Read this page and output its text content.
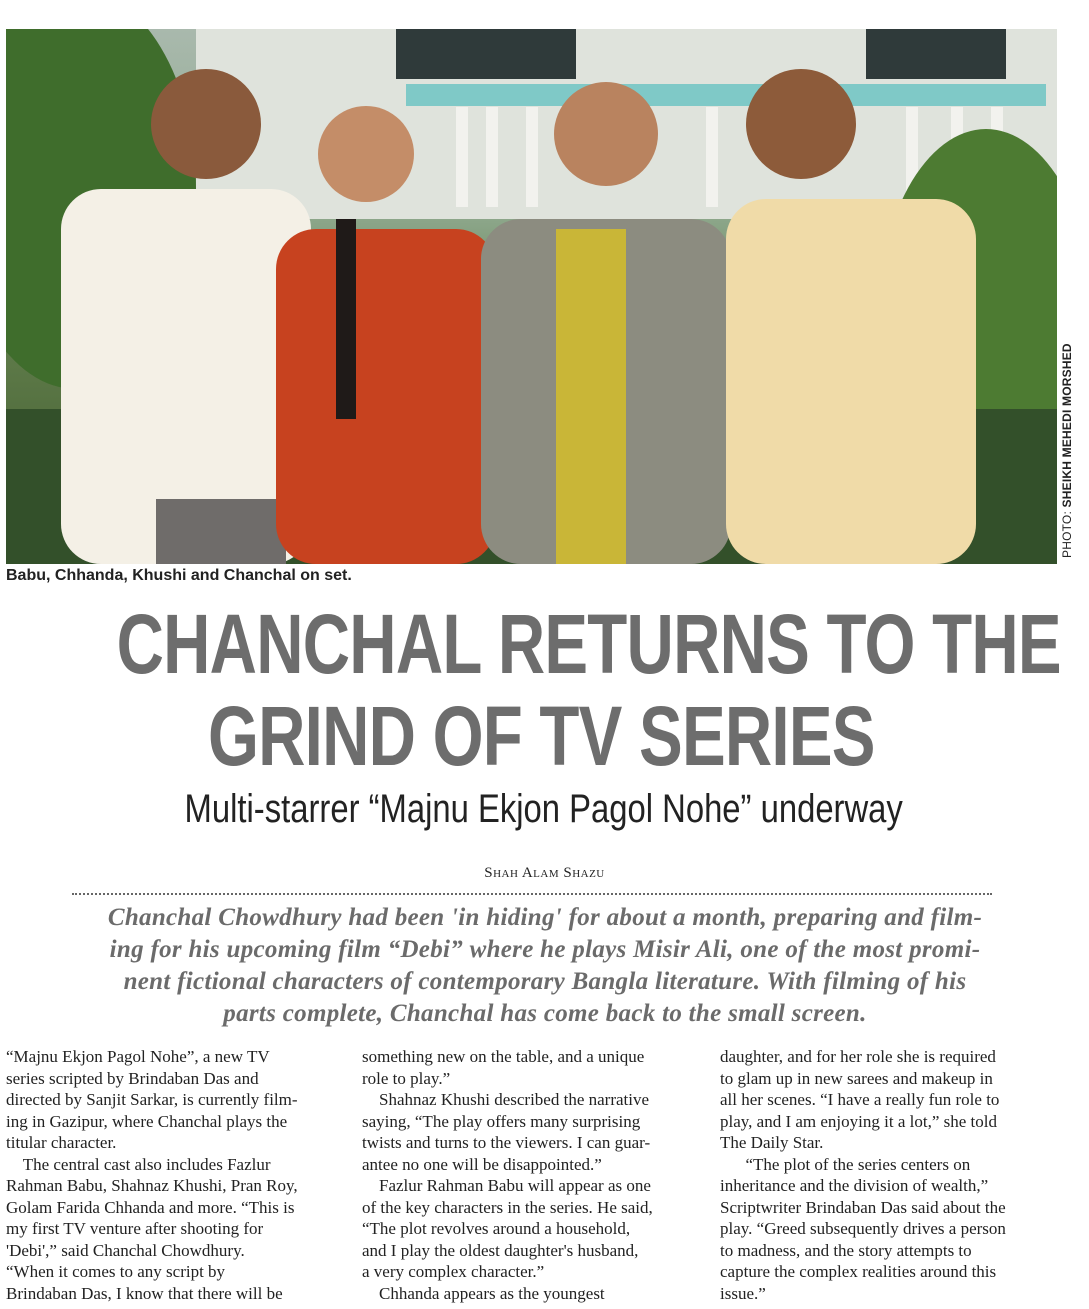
PHOTO: SHEIKH MEHEDI MORSHED
Babu, Chhanda, Khushi and Chanchal on set.
CHANCHAL RETURNS TO THE
GRIND OF TV SERIES
Multi-starrer “Majnu Ekjon Pagol Nohe” underway
Shah Alam Shazu
Chanchal Chowdhury had been 'in hiding' for about a month, preparing and film-
ing for his upcoming film “Debi” where he plays Misir Ali, one of the most promi-
nent fictional characters of contemporary Bangla literature. With filming of his
parts complete, Chanchal has come back to the small screen.
“Majnu Ekjon Pagol Nohe”, a new TV
series scripted by Brindaban Das and
directed by Sanjit Sarkar, is currently film-
ing in Gazipur, where Chanchal plays the
titular character.
The central cast also includes Fazlur
Rahman Babu, Shahnaz Khushi, Pran Roy,
Golam Farida Chhanda and more. “This is
my first TV venture after shooting for
'Debi',” said Chanchal Chowdhury.
“When it comes to any script by
Brindaban Das, I know that there will be
something new on the table, and a unique
role to play.”
Shahnaz Khushi described the narrative
saying, “The play offers many surprising
twists and turns to the viewers. I can guar-
antee no one will be disappointed.”
Fazlur Rahman Babu will appear as one
of the key characters in the series. He said,
“The plot revolves around a household,
and I play the oldest daughter's husband,
a very complex character.”
Chhanda appears as the youngest
daughter, and for her role she is required
to glam up in new sarees and makeup in
all her scenes. “I have a really fun role to
play, and I am enjoying it a lot,” she told
The Daily Star.
“The plot of the series centers on
inheritance and the division of wealth,”
Scriptwriter Brindaban Das said about the
play. “Greed subsequently drives a person
to madness, and the story attempts to
capture the complex realities around this
issue.”
